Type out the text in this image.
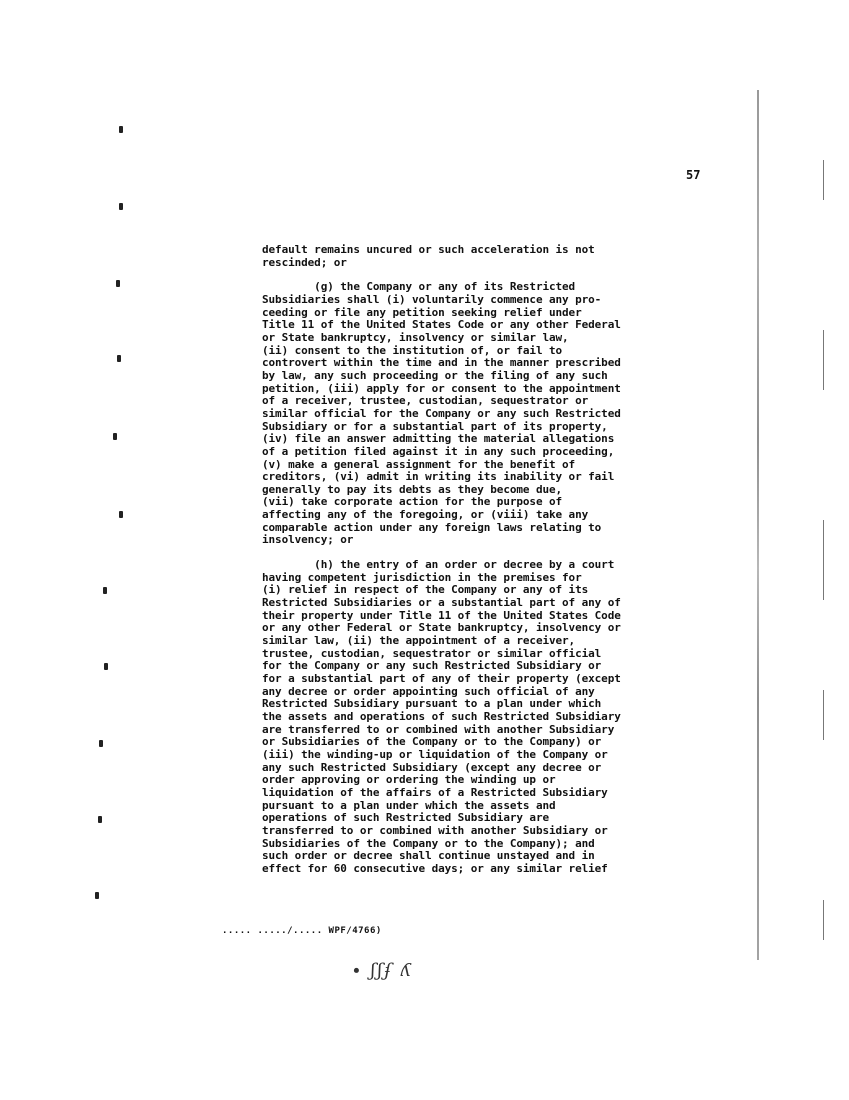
57
default remains uncured or such acceleration is not
rescinded; or
(g) the Company or any of its Restricted
Subsidiaries shall (i) voluntarily commence any pro-
ceeding or file any petition seeking relief under
Title 11 of the United States Code or any other Federal
or State bankruptcy, insolvency or similar law,
(ii) consent to the institution of, or fail to
controvert within the time and in the manner prescribed
by law, any such proceeding or the filing of any such
petition, (iii) apply for or consent to the appointment
of a receiver, trustee, custodian, sequestrator or
similar official for the Company or any such Restricted
Subsidiary or for a substantial part of its property,
(iv) file an answer admitting the material allegations
of a petition filed against it in any such proceeding,
(v) make a general assignment for the benefit of
creditors, (vi) admit in writing its inability or fail
generally to pay its debts as they become due,
(vii) take corporate action for the purpose of
affecting any of the foregoing, or (viii) take any
comparable action under any foreign laws relating to
insolvency; or
(h) the entry of an order or decree by a court
having competent jurisdiction in the premises for
(i) relief in respect of the Company or any of its
Restricted Subsidiaries or a substantial part of any of
their property under Title 11 of the United States Code
or any other Federal or State bankruptcy, insolvency or
similar law, (ii) the appointment of a receiver,
trustee, custodian, sequestrator or similar official
for the Company or any such Restricted Subsidiary or
for a substantial part of any of their property (except
any decree or order appointing such official of any
Restricted Subsidiary pursuant to a plan under which
the assets and operations of such Restricted Subsidiary
are transferred to or combined with another Subsidiary
or Subsidiaries of the Company or to the Company) or
(iii) the winding-up or liquidation of the Company or
any such Restricted Subsidiary (except any decree or
order approving or ordering the winding up or
liquidation of the affairs of a Restricted Subsidiary
pursuant to a plan under which the assets and
operations of such Restricted Subsidiary are
transferred to or combined with another Subsidiary or
Subsidiaries of the Company or to the Company); and
such order or decree shall continue unstayed and in
effect for 60 consecutive days; or any similar relief
..... ...../..... WPF/4766)
∙ ʃʃʄ ʎ
